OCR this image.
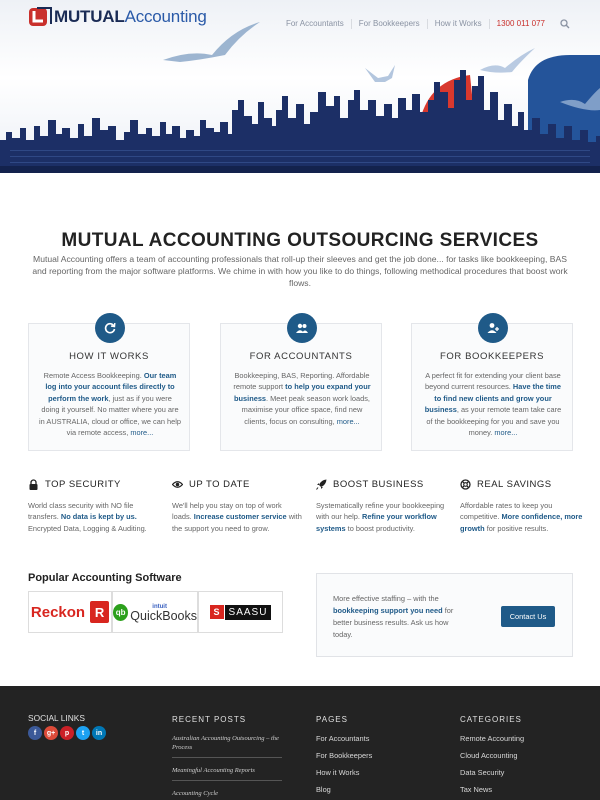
MUTUALAccounting	For Accountants	For Bookkeepers	How it Works	1300 011 077
MUTUAL ACCOUNTING OUTSOURCING SERVICES

Mutual Accounting offers a team of accounting professionals that roll-up their sleeves and get the job done... for tasks like bookkeeping, BAS and reporting from the major software platforms. We chime in with how you like to do things, following methodical procedures that boost work flows.

HOW IT WORKS

Remote Access Bookkeeping. Our team log into your account files directly to perform the work, just as if you were doing it yourself. No matter where you are in AUSTRALIA, cloud or office, we can help via remote access, more...

FOR ACCOUNTANTS

Bookkeeping, BAS, Reporting. Affordable remote support to help you expand your business. Meet peak season work loads, maximise your office space, find new clients, focus on consulting, more...

FOR BOOKKEEPERS

A perfect fit for extending your client base beyond current resources. Have the time to find new clients and grow your business, as your remote team take care of the bookkeeping for you and save you money. more...

TOP SECURITY

World class security with NO file transfers. No data is kept by us. Encrypted Data, Logging & Auditing.

UP TO DATE

We'll help you stay on top of work loads. Increase customer service with the support you need to grow.

BOOST BUSINESS

Systematically refine your bookkeeping with our help. Refine your workflow systems to boost productivity.

REAL SAVINGS

Affordable rates to keep you competitive. More confidence, more growth for positive results.

Popular Accounting Software
Reckon R	qb
intuit
QuickBooks	S SAASU

More effective staffing – with the bookkeeping support you need for better business results. Ask us how today.

Contact Us
SOCIAL LINKS
f	g+	p	t	in
RECENT POSTS
Australian Accounting Outsourcing – the Process
Meaningful Accounting Reports
Accounting Cycle
PAGES
For Accountants
For Bookkeepers
How it Works
Blog
CATEGORIES
Remote Accounting
Cloud Accounting
Data Security
Tax News
